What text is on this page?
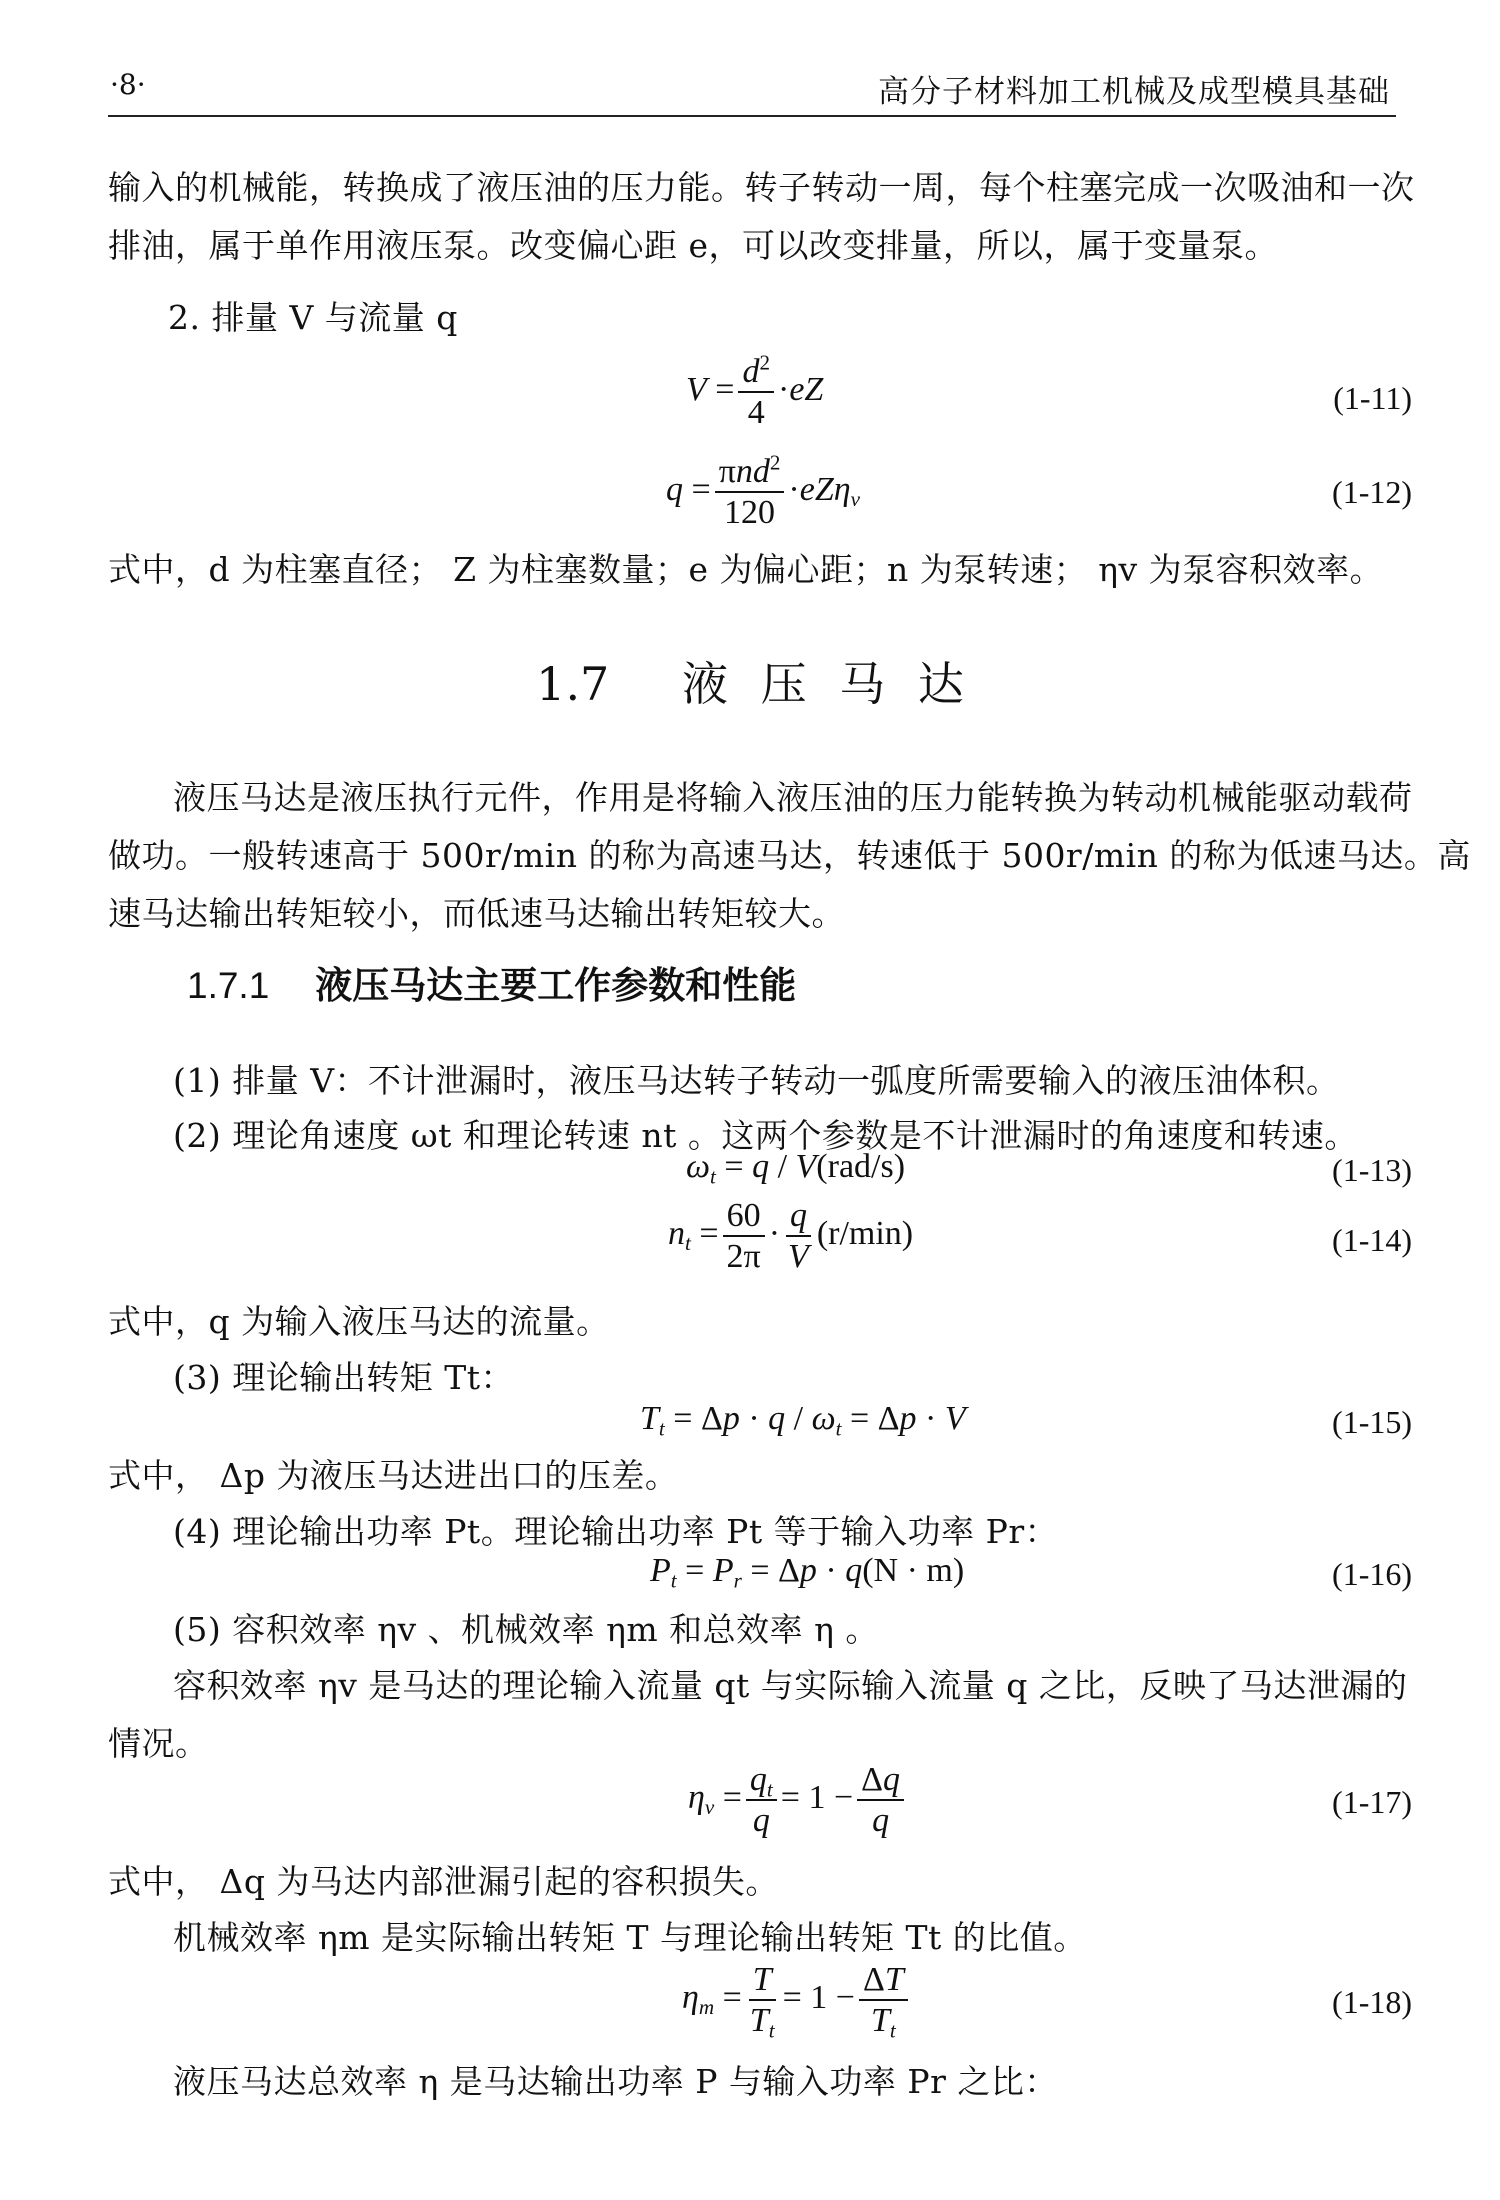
·8·	高分子材料加工机械及成型模具基础
输入的机械能，转换成了液压油的压力能。转子转动一周，每个柱塞完成一次吸油和一次
排油，属于单作用液压泵。改变偏心距 e，可以改变排量，所以，属于变量泵。
2. 排量 V 与流量 q
$V = \frac{d^2}{4} \cdot eZ$	(1-11)
$q = \frac{\pi nd^2}{120} \cdot eZ\eta_v$	(1-12)
式中，d 为柱塞直径； Z 为柱塞数量；e 为偏心距；n 为泵转速； ηv 为泵容积效率。
1.7 液 压 马 达
液压马达是液压执行元件，作用是将输入液压油的压力能转换为转动机械能驱动载荷
做功。一般转速高于 500r/min 的称为高速马达，转速低于 500r/min 的称为低速马达。高
速马达输出转矩较小，而低速马达输出转矩较大。
1.7.1 液压马达主要工作参数和性能
(1) 排量 V：不计泄漏时，液压马达转子转动一弧度所需要输入的液压油体积。
(2) 理论角速度 ωt 和理论转速 nt 。这两个参数是不计泄漏时的角速度和转速。
$\omega_t = q / V(rad/s)$	(1-13)
$n_t = \frac{60}{2\pi} \cdot \frac{q}{V} (r/\min)$	(1-14)
式中，q 为输入液压马达的流量。
(3) 理论输出转矩 Tt：
$T_t = \Delta p \cdot q / \omega_t = \Delta p \cdot V$	(1-15)
式中， Δp 为液压马达进出口的压差。
(4) 理论输出功率 Pt。理论输出功率 Pt 等于输入功率 Pr：
$P_t = P_r = \Delta p \cdot q(N \cdot m)$	(1-16)
(5) 容积效率 ηv 、机械效率 ηm 和总效率 η 。
容积效率 ηv 是马达的理论输入流量 qt 与实际输入流量 q 之比，反映了马达泄漏的
情况。
$\eta_v = \frac{q_t}{q} = 1 - \frac{\Delta q}{q}$	(1-17)
式中， Δq 为马达内部泄漏引起的容积损失。
机械效率 ηm 是实际输出转矩 T 与理论输出转矩 Tt 的比值。
$\eta_m = \frac{T}{T_t} = 1 - \frac{\Delta T}{T_t}$	(1-18)
液压马达总效率 η 是马达输出功率 P 与输入功率 Pr 之比：
